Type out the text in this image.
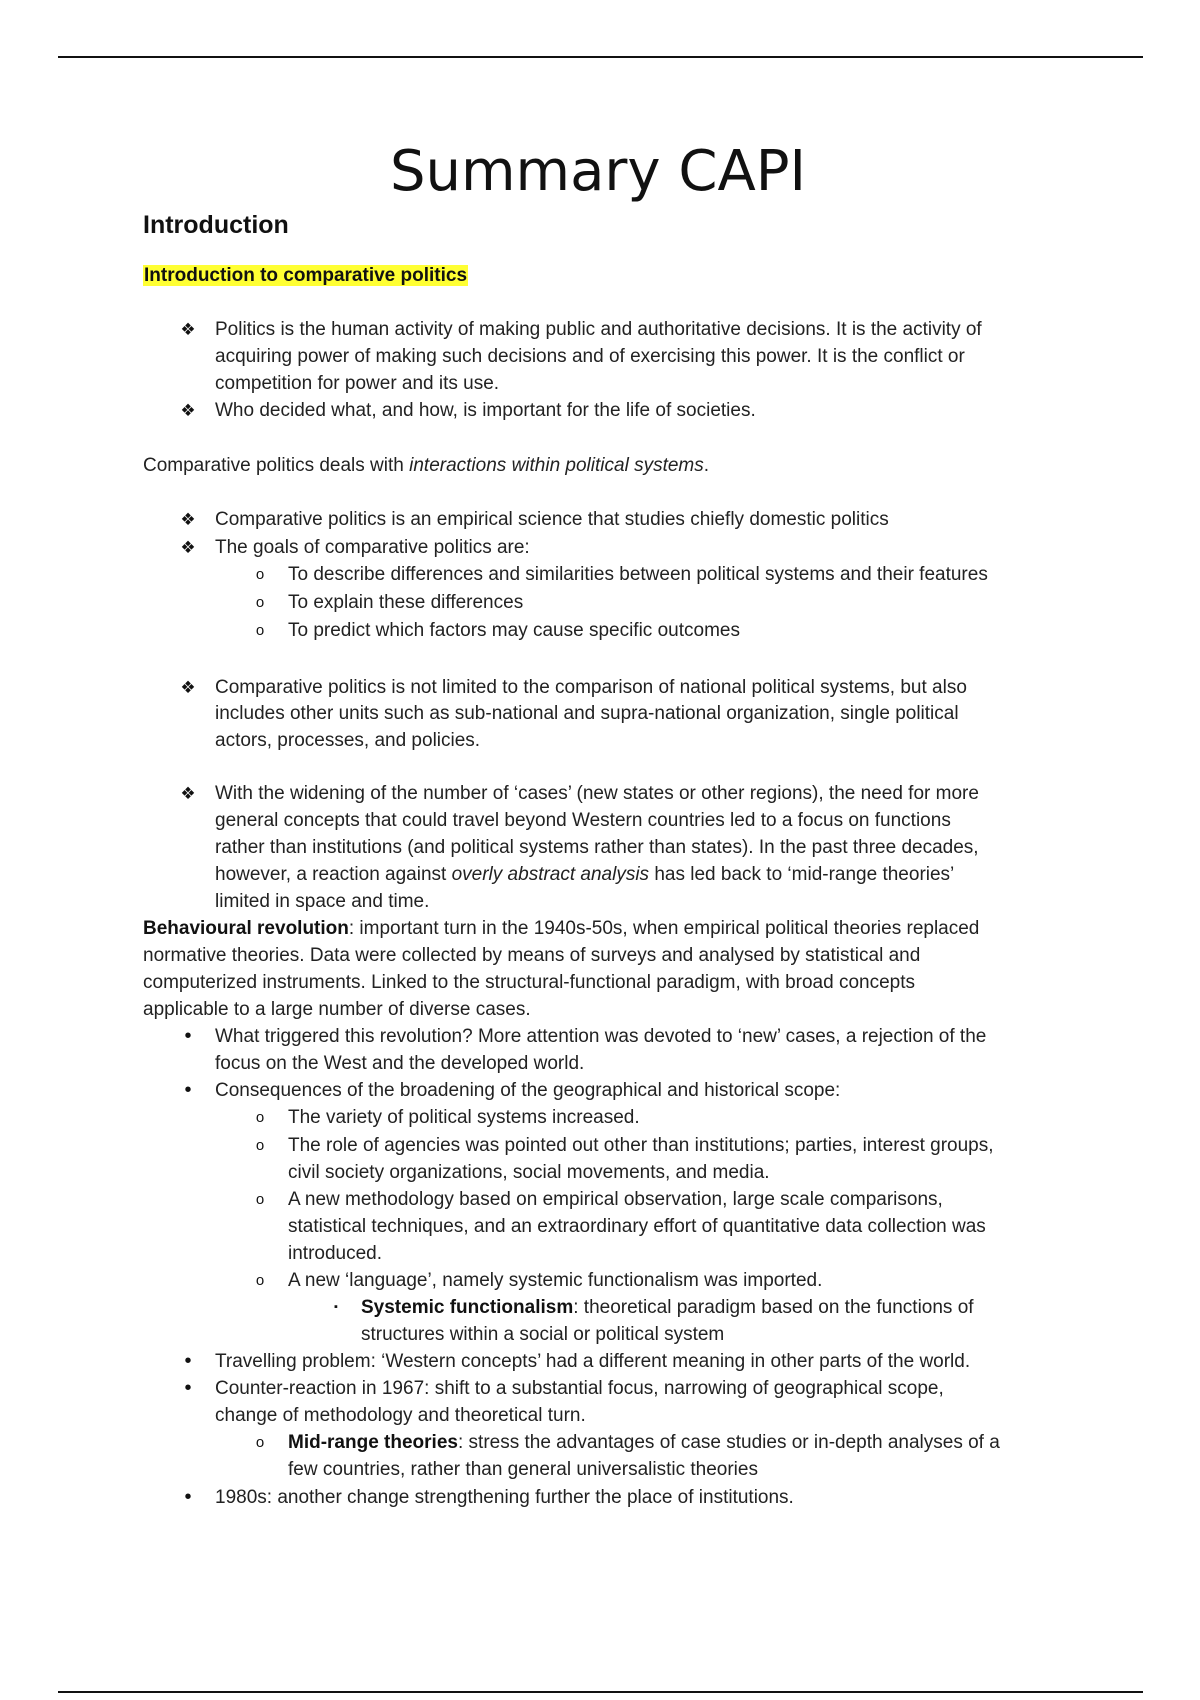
Summary CAPI
Introduction
Introduction to comparative politics
❖ Politics is the human activity of making public and authoritative decisions. It is the activity of
acquiring power of making such decisions and of exercising this power. It is the conflict or
competition for power and its use.
❖ Who decided what, and how, is important for the life of societies.
Comparative politics deals with interactions within political systems.
❖ Comparative politics is an empirical science that studies chiefly domestic politics
❖ The goals of comparative politics are:
o	To describe differences and similarities between political systems and their features
o	To explain these differences
o	To predict which factors may cause specific outcomes
❖ Comparative politics is not limited to the comparison of national political systems, but also
includes other units such as sub-national and supra-national organization, single political
actors, processes, and policies.
❖ With the widening of the number of ‘cases’ (new states or other regions), the need for more
general concepts that could travel beyond Western countries led to a focus on functions
rather than institutions (and political systems rather than states). In the past three decades,
however, a reaction against overly abstract analysis has led back to ‘mid-range theories’
limited in space and time.
Behavioural revolution: important turn in the 1940s-50s, when empirical political theories replaced
normative theories. Data were collected by means of surveys and analysed by statistical and
computerized instruments. Linked to the structural-functional paradigm, with broad concepts
applicable to a large number of diverse cases.
•	What triggered this revolution? More attention was devoted to ‘new’ cases, a rejection of the
focus on the West and the developed world.
•	Consequences of the broadening of the geographical and historical scope:
o	The variety of political systems increased.
o	The role of agencies was pointed out other than institutions; parties, interest groups,
civil society organizations, social movements, and media.
o	A new methodology based on empirical observation, large scale comparisons,
statistical techniques, and an extraordinary effort of quantitative data collection was
introduced.
o	A new ‘language’, namely systemic functionalism was imported.
▪	Systemic functionalism: theoretical paradigm based on the functions of
structures within a social or political system
•	Travelling problem: ‘Western concepts’ had a different meaning in other parts of the world.
•	Counter-reaction in 1967: shift to a substantial focus, narrowing of geographical scope,
change of methodology and theoretical turn.
o	Mid-range theories: stress the advantages of case studies or in-depth analyses of a
few countries, rather than general universalistic theories
•	1980s: another change strengthening further the place of institutions.
